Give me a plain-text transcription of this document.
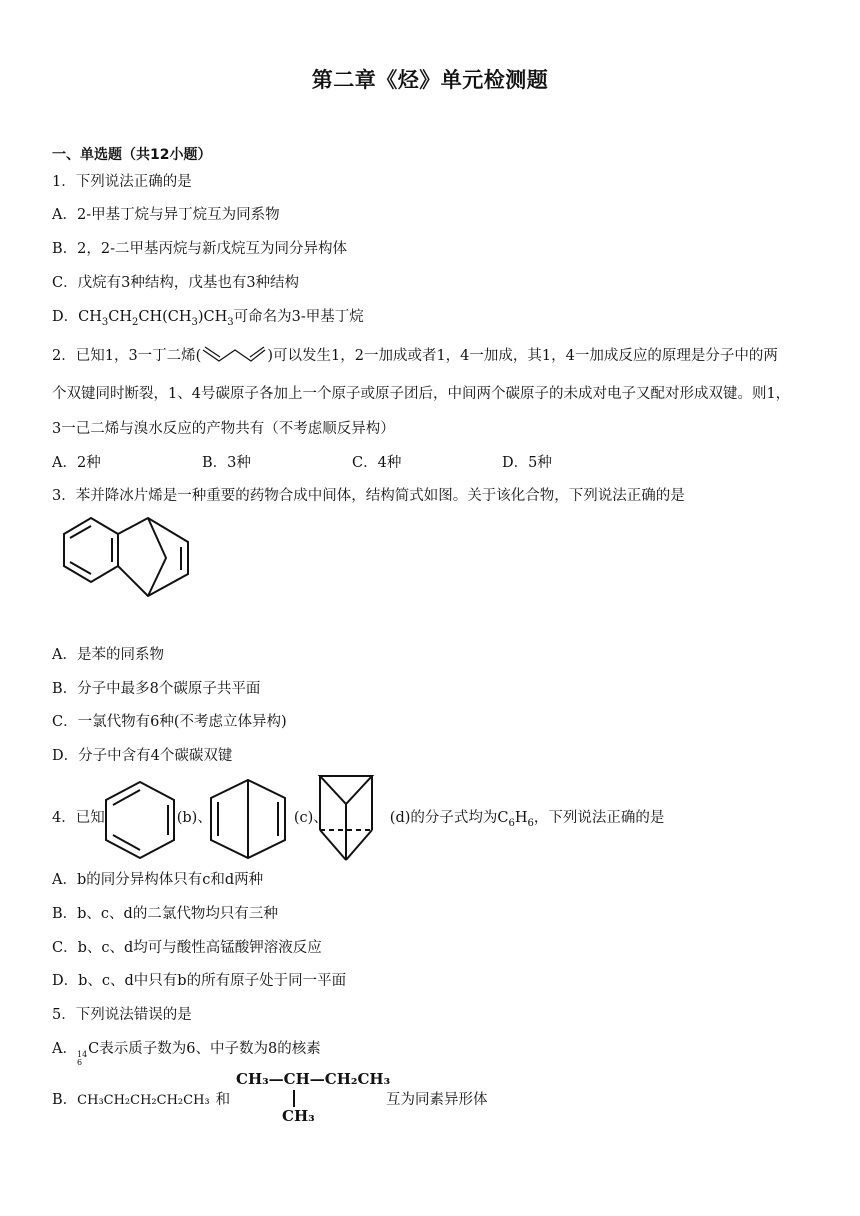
第二章《烃》单元检测题
一、单选题（共12小题）
1．下列说法正确的是
A．2-甲基丁烷与异丁烷互为同系物
B．2，2-二甲基丙烷与新戊烷互为同分异构体
C．戊烷有3种结构，戊基也有3种结构
D．$CH_3CH_2CH(CH_3)CH_3$可命名为3-甲基丁烷
2．已知1，3一丁二烯(	)可以发生1，2一加成或者1，4一加成，其1，4一加成反应的原理是分子中的两
个双键同时断裂，1、4号碳原子各加上一个原子或原子团后，中间两个碳原子的未成对电子又配对形成双键。则1，
3一己二烯与溴水反应的产物共有（不考虑顺反异构）
A．2种	B．3种	C．4种	D．5种
3．苯并降冰片烯是一种重要的药物合成中间体，结构简式如图。关于该化合物，下列说法正确的是
A．是苯的同系物
B．分子中最多8个碳原子共平面
C．一氯代物有6种(不考虑立体异构)
D．分子中含有4个碳碳双键
4．已知	(b)、	(c)、	(d)的分子式均为$C_6H_6$，下列说法正确的是
A．b的同分异构体只有c和d两种
B．b、c、d的二氯代物均只有三种
C．b、c、d均可与酸性高锰酸钾溶液反应
D．b、c、d中只有b的所有原子处于同一平面
5．下列说法错误的是
A． 14
6
C表示质子数为6、中子数为8的核素
B．CH₃CH₂CH₂CH₂CH₃ 和
CH₃—CH—CH₂CH₃
CH₃
互为同素异形体
